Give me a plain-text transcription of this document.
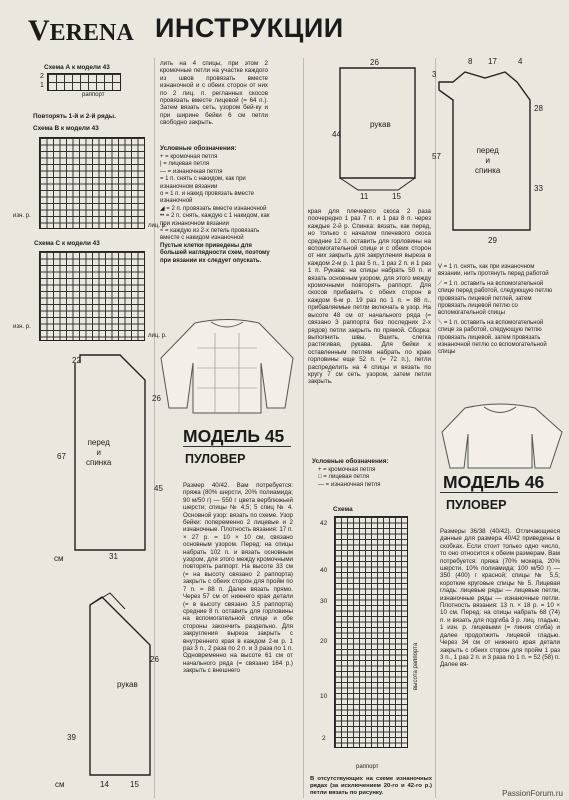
VERENA ИНСТРУКЦИИ
Схема А к модели 43
2
1
раппорт
Повторять 1-й и 2-й ряды.
Схема В к модели 43
изн. р.
лиц. р.
Схема С к модели 43
изн. р.
лиц. р.
22
26
67
45
перед
и
спинка
31
см
рукав
39
26
14	15
см
лить на 4 спицы, при этом 2 кромочные петли на участке каждого из швов провязать вместе изнаночной и с обеих сторон от них по 2 лиц. п. регланных скосов провязать вместе лицевой (= 64 п.). Затем вязать сеть, узором бей-ку и при ширине бейки 6 см петли свободно закрыть.
Условные обозначения:
+ = кромочная петля
| = лицевая петля
— = изнаночная петля
= 1 п. снять с накидом, как при изнаночном вязании
o = 1 п. и накид провязать вместе изнаночной
◢ = 2 п. провязать вместе изнаночной
•• = 2 п. снять, каждую с 1 накидом, как при изнаночном вязании
≈ = каждую из 2-х петель провязать вместе с накидом изнаночной
Пустые клетки приведены для большей наглядности схем, поэтому при вязании их следует опускать.
МОДЕЛЬ 45
ПУЛОВЕР
Размер 40/42. Вам потребуется: пряжа (80% шерсти, 20% полиамида; 90 м/50 г) — 550 г цвета верблюжьей шерсти; спицы № 4,5; 5 спиц № 4. Основной узор: вязать по схеме. Узор бейки: попеременно 2 лицевые и 2 изнаночные. Плотность вязания: 17 п. × 27 р. = 10 × 10 см, связано основным узором. Перед: на спицы набрать 102 п. и вязать основным узором, для этого между кромочными повторять раппорт. На высоте 33 см (= на высоту связано 2 раппорта) закрыть с обеих сторон для пройм по 7 п. = 88 п. Далее вязать прямо. Через 57 см от нижнего края детали (= в высоту связано 3,5 раппорта) средние 8 п. оставить для горловины на вспомогательной спице и обе стороны закончить раздельно. Для закругления выреза закрыть с внутреннего края в каждом 2-м р. 1 раз 3 п., 2 раза по 2 п. и 3 раза по 1 п. Одновременно на высоте 61 см от начального ряда (= связано 164 р.) закрыть с внешнего
26
44
рукав
11	15
края для плечевого скоса 2 раза поочередно 1 раз 7 п. и 1 раз 8 п. через каждые 2-й р. Спинка: вязать, как перед, но только с началом плечевого скоса средние 12 п. оставить для горловины на вспомогательной спице и с обеих сторон от них закрыть для закругления выреза в каждом 2-м р. 1 раз 5 п., 1 раз 2 п. и 1 раз 1 п. Рукава: на спицы набрать 50 п. и вязать основным узором, для этого между кромочными повторять раппорт. Для скосов прибавить с обеих сторон в каждом 6-м р. 19 раз по 1 п. = 88 п., прибавляемые петли включать в узор. На высоте 48 см от начального ряда (= связано 3 раппорта без последних 2-х рядов) петли закрыть по прямой. Сборка: выполнить швы. Вшить, слегка растягивая, рукава. Для бейки к оставленным петлям набрать по краю горловины еще 52 п. (= 72 п.), петли распределить на 4 спицы и вязать по кругу 7 см сеть. узором, затем петли закрыть.
Условные обозначения:
+ = кромочная петля
□ = лицевая петля
— = изнаночная петля
Схема
42
40
30
20
10
2
раппорт
высота раппорта
В отсутствующих на схеме изнаночных рядах (за исключением 20-го и 42-го р.) петли вязать по рисунку.
8 17	4
3
28
57
33
перед
и
спинка
29
V = 1 п. снять, как при изнаночном вязании, нить протянуть перед работой
⟋ = 1 п. оставить на вспомогательной спице перед работой, следующую петлю провязать лицевой петлей, затем провязать лицевой петлю со вспомогательной спицы
⟍ = 1 п. оставить на вспомогательной спице за работой, следующую петлю провязать лицевой, затем провязать изнаночной петлю со вспомогательной спицы
МОДЕЛЬ 46
ПУЛОВЕР
Размеры 36/38 (40/42). Отличающиеся данные для размера 40/42 приведены в скобках. Если стоит только одно число, то оно относится к обеим размерам. Вам потребуется: пряжа (70% мохера, 20% шерсти, 10% полиамида; 100 м/50 г) — 350 (400) г красной; спицы № 5,5; короткие круговые спицы № 5. Лицевая гладь: лицевые ряды — лицевые петли, изнаночные ряды — изнаночные петли. Плотность вязания: 13 п. × 18 р. = 10 × 10 см. Перед: на спицы набрать 68 (74) п. и вязать для подгиба 3 р. лиц. гладью, 1 изн. р. лицевыми (= линия сгиба) и далее продолжить лицевой гладью. Через 34 см от нижнего края детали закрыть с обеих сторон для пройм 1 раз 3 п., 1 раз 2 п. и 3 раза по 1 п. = 52 (58) п. Далее вя-
PassionForum.ru
